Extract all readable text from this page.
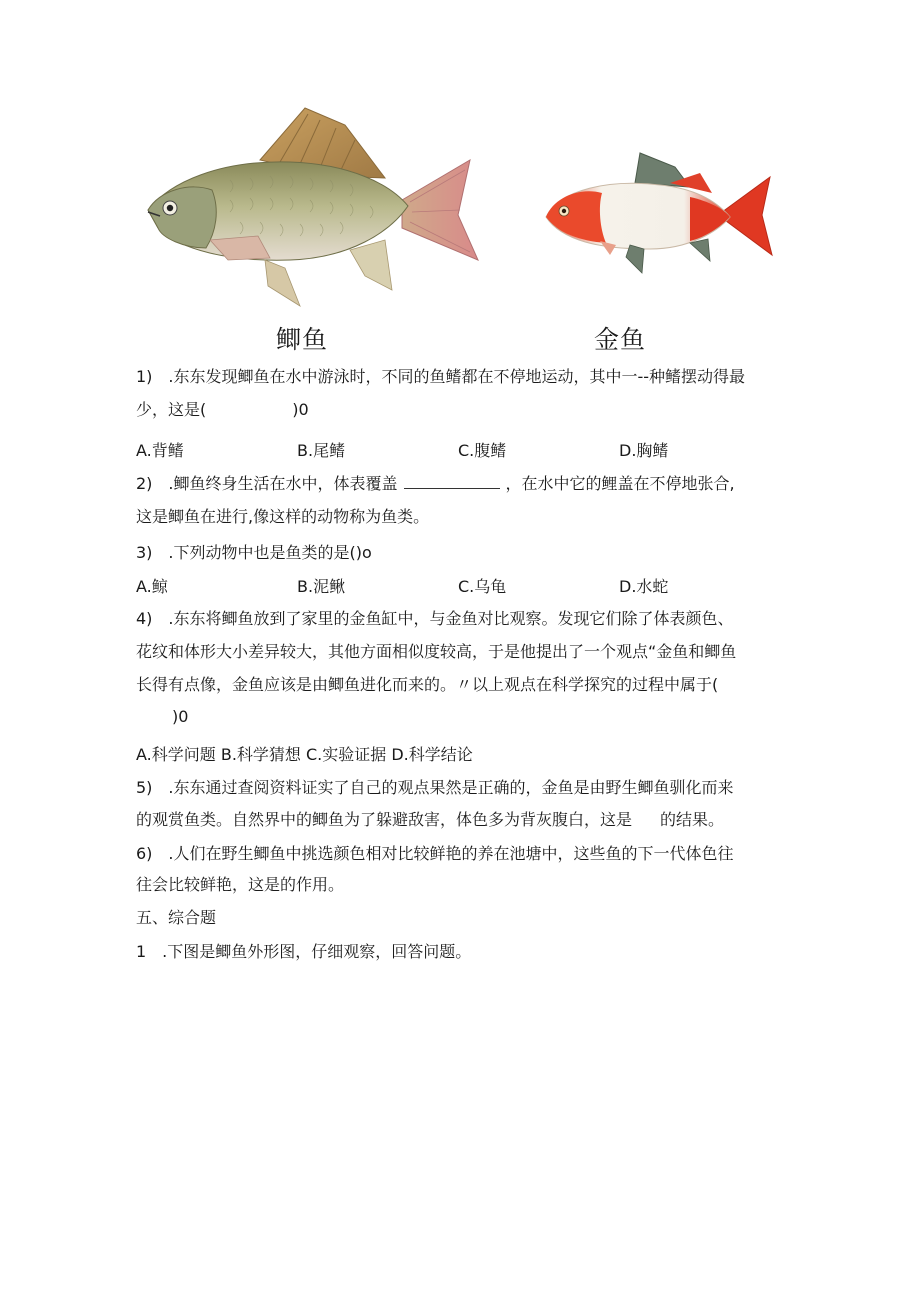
鲫鱼	金鱼
1)　.东东发现鲫鱼在水中游泳时，不同的鱼鳍都在不停地运动，其中一--种鳍摆动得最
少，这是(	)0
A.背鳍	B.尾鳍	C.腹鳍	D.胸鳍
2)　.鲫鱼终身生活在水中，体表覆盖	，在水中它的鲤盖在不停地张合,
这是鲫鱼在进行,像这样的动物称为鱼类。
3)　.下列动物中也是鱼类的是()o
A.鲸	B.泥鳅	C.乌龟	D.水蛇
4)　.东东将鲫鱼放到了家里的金鱼缸中，与金鱼对比观察。发现它们除了体表颜色、
花纹和体形大小差异较大，其他方面相似度较高，于是他提出了一个观点“金鱼和鲫鱼
长得有点像，金鱼应该是由鲫鱼进化而来的。〃以上观点在科学探究的过程中属于(
)0
A.科学问题 B.科学猜想 C.实验证据 D.科学结论
5)　.东东通过查阅资料证实了自己的观点果然是正确的，金鱼是由野生鲫鱼驯化而来
的观赏鱼类。自然界中的鲫鱼为了躲避敌害，体色多为背灰腹白，这是 的结果。
6)　.人们在野生鲫鱼中挑选颜色相对比较鲜艳的养在池塘中，这些鱼的下一代体色往
往会比较鲜艳，这是的作用。
五、综合题
1　.下图是鲫鱼外形图，仔细观察，回答问题。
